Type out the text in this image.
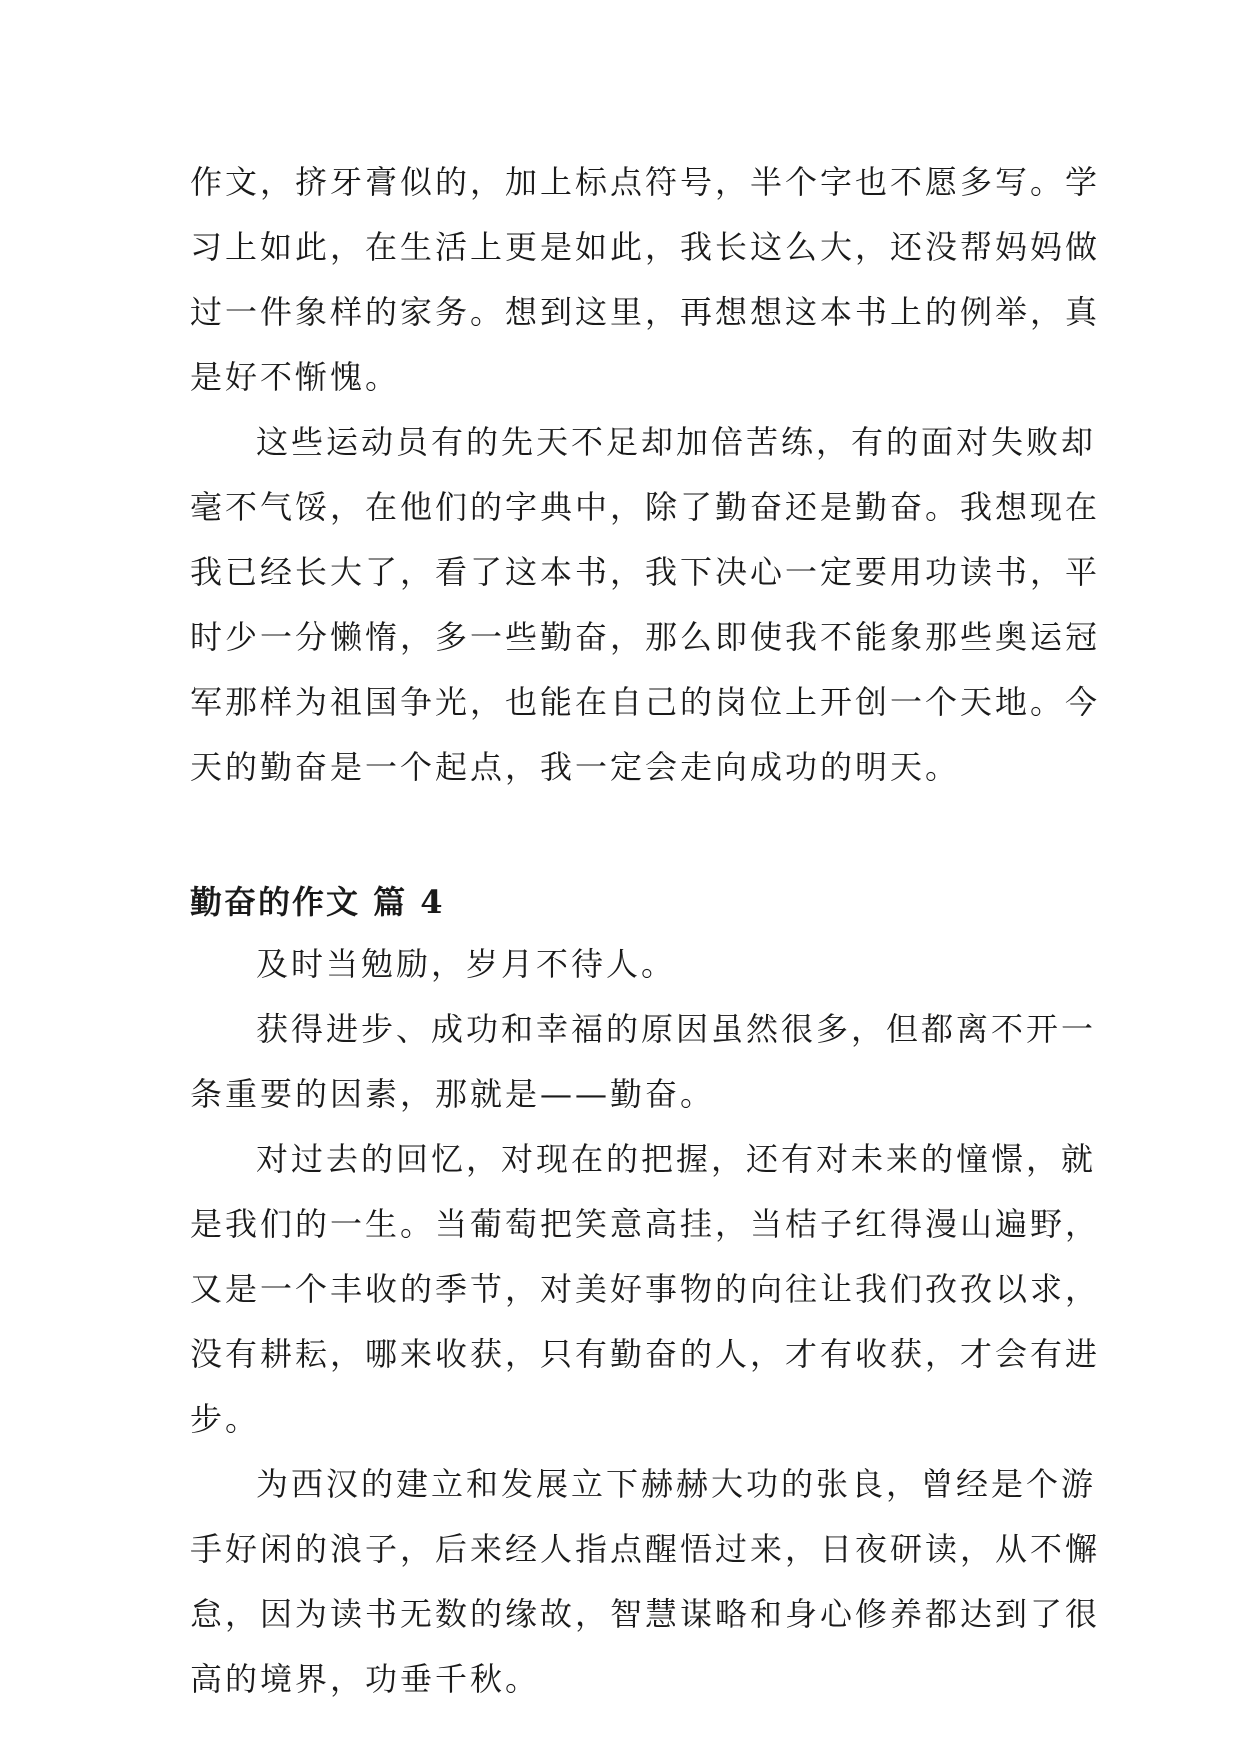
作文，挤牙膏似的，加上标点符号，半个字也不愿多写。学
习上如此，在生活上更是如此，我长这么大，还没帮妈妈做
过一件象样的家务。想到这里，再想想这本书上的例举，真
是好不惭愧。

这些运动员有的先天不足却加倍苦练，有的面对失败却
毫不气馁，在他们的字典中，除了勤奋还是勤奋。我想现在
我已经长大了，看了这本书，我下决心一定要用功读书，平
时少一分懒惰，多一些勤奋，那么即使我不能象那些奥运冠
军那样为祖国争光，也能在自己的岗位上开创一个天地。今
天的勤奋是一个起点，我一定会走向成功的明天。

勤奋的作文 篇 4

及时当勉励，岁月不待人。

获得进步、成功和幸福的原因虽然很多，但都离不开一
条重要的因素，那就是——勤奋。

对过去的回忆，对现在的把握，还有对未来的憧憬，就
是我们的一生。当葡萄把笑意高挂，当桔子红得漫山遍野，
又是一个丰收的季节，对美好事物的向往让我们孜孜以求，
没有耕耘，哪来收获，只有勤奋的人，才有收获，才会有进
步。

为西汉的建立和发展立下赫赫大功的张良，曾经是个游
手好闲的浪子，后来经人指点醒悟过来，日夜研读，从不懈
怠，因为读书无数的缘故，智慧谋略和身心修养都达到了很
高的境界，功垂千秋。
